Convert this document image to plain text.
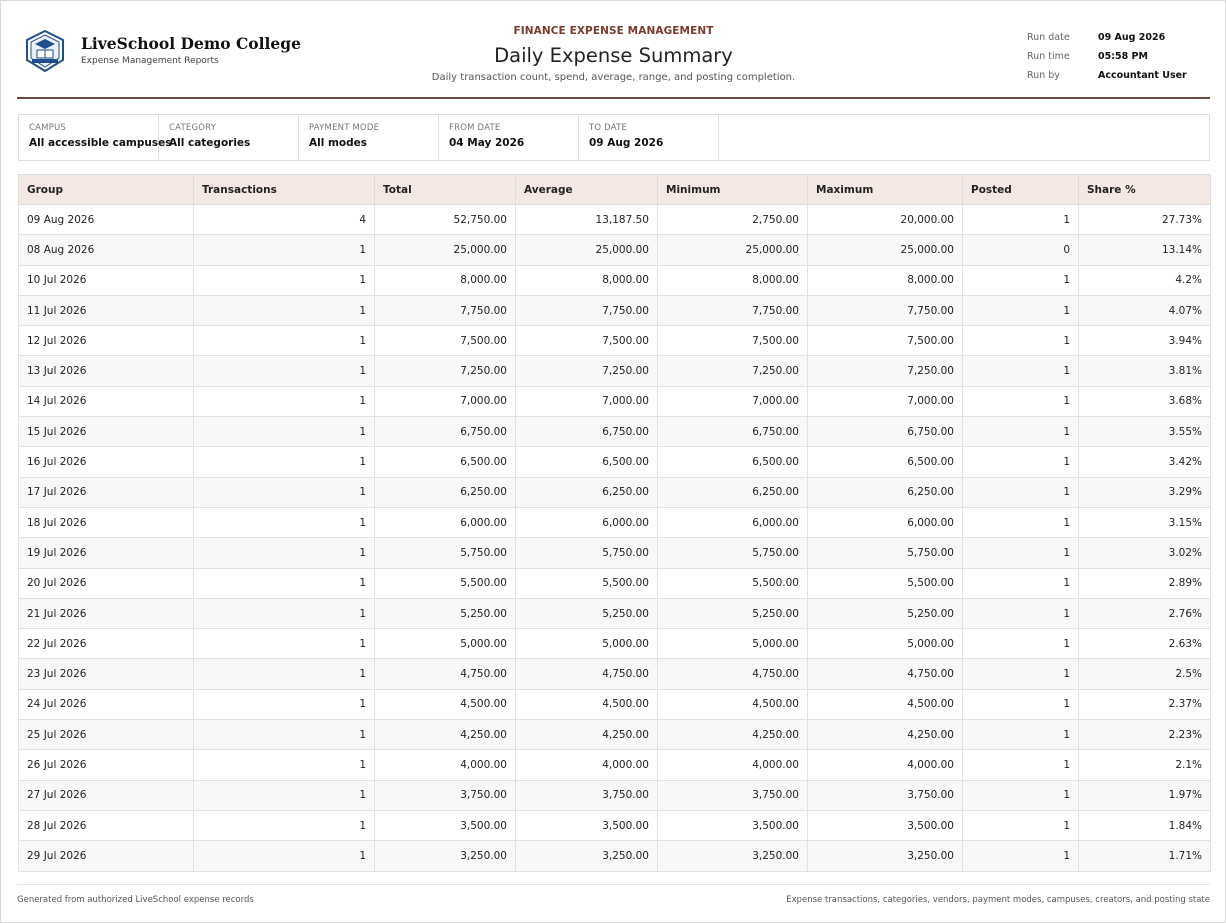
LiveSchool Demo College
Expense Management Reports
FINANCE EXPENSE MANAGEMENT
Daily Expense Summary
Daily transaction count, spend, average, range, and posting completion.
Run date	09 Aug 2026
Run time	05:58 PM
Run by	Accountant User
CAMPUS
All accessible campuses
CATEGORY
All categories
PAYMENT MODE
All modes
FROM DATE
04 May 2026
TO DATE
09 Aug 2026
Group	Transactions	Total	Average	Minimum	Maximum	Posted	Share %
09 Aug 2026	4	52,750.00	13,187.50	2,750.00	20,000.00	1	27.73%
08 Aug 2026	1	25,000.00	25,000.00	25,000.00	25,000.00	0	13.14%
10 Jul 2026	1	8,000.00	8,000.00	8,000.00	8,000.00	1	4.2%
11 Jul 2026	1	7,750.00	7,750.00	7,750.00	7,750.00	1	4.07%
12 Jul 2026	1	7,500.00	7,500.00	7,500.00	7,500.00	1	3.94%
13 Jul 2026	1	7,250.00	7,250.00	7,250.00	7,250.00	1	3.81%
14 Jul 2026	1	7,000.00	7,000.00	7,000.00	7,000.00	1	3.68%
15 Jul 2026	1	6,750.00	6,750.00	6,750.00	6,750.00	1	3.55%
16 Jul 2026	1	6,500.00	6,500.00	6,500.00	6,500.00	1	3.42%
17 Jul 2026	1	6,250.00	6,250.00	6,250.00	6,250.00	1	3.29%
18 Jul 2026	1	6,000.00	6,000.00	6,000.00	6,000.00	1	3.15%
19 Jul 2026	1	5,750.00	5,750.00	5,750.00	5,750.00	1	3.02%
20 Jul 2026	1	5,500.00	5,500.00	5,500.00	5,500.00	1	2.89%
21 Jul 2026	1	5,250.00	5,250.00	5,250.00	5,250.00	1	2.76%
22 Jul 2026	1	5,000.00	5,000.00	5,000.00	5,000.00	1	2.63%
23 Jul 2026	1	4,750.00	4,750.00	4,750.00	4,750.00	1	2.5%
24 Jul 2026	1	4,500.00	4,500.00	4,500.00	4,500.00	1	2.37%
25 Jul 2026	1	4,250.00	4,250.00	4,250.00	4,250.00	1	2.23%
26 Jul 2026	1	4,000.00	4,000.00	4,000.00	4,000.00	1	2.1%
27 Jul 2026	1	3,750.00	3,750.00	3,750.00	3,750.00	1	1.97%
28 Jul 2026	1	3,500.00	3,500.00	3,500.00	3,500.00	1	1.84%
29 Jul 2026	1	3,250.00	3,250.00	3,250.00	3,250.00	1	1.71%
Generated from authorized LiveSchool expense records	Expense transactions, categories, vendors, payment modes, campuses, creators, and posting state
